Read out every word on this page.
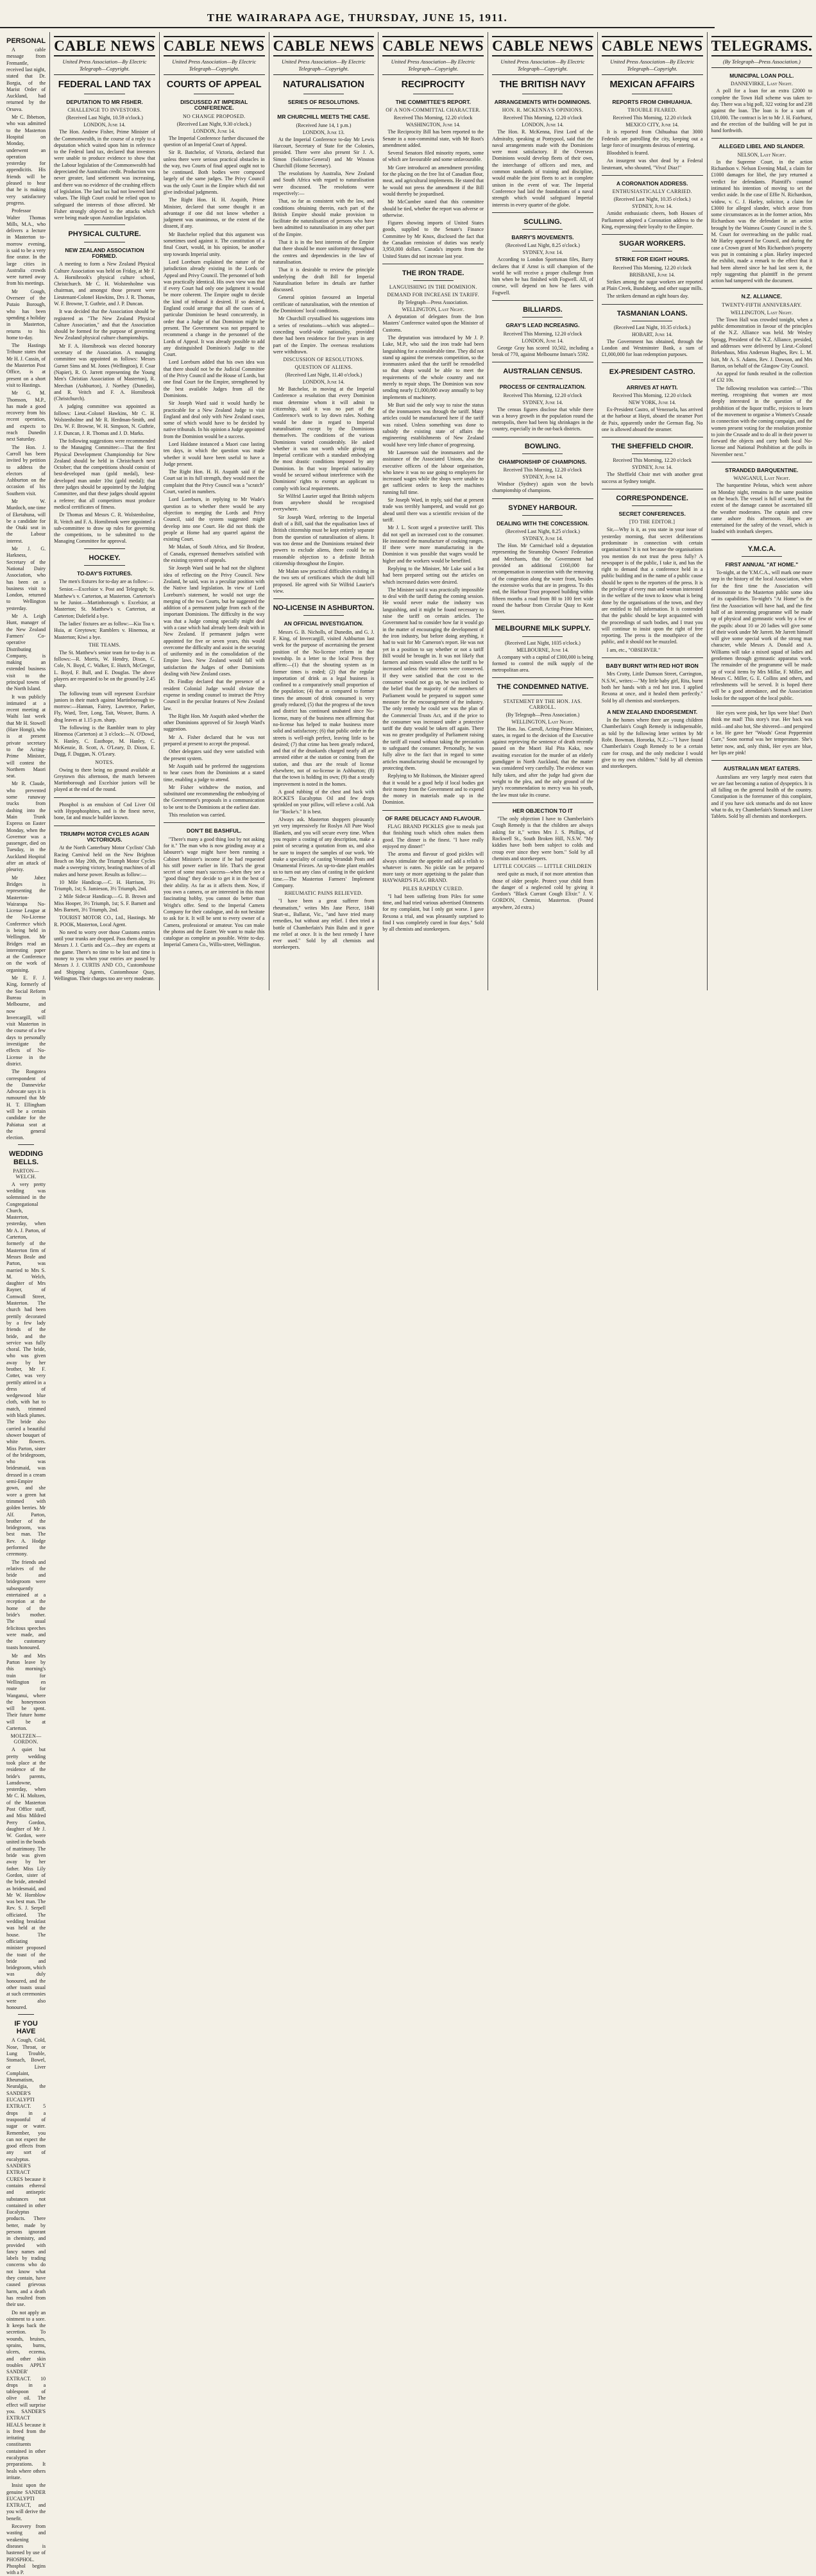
THE WAIRARAPA AGE, THURSDAY, JUNE 15, 1911.
PERSONAL

A cable message from Fremantle, received last night, stated that Dr. Borgia, of the Marist Order of Auckland, had returned by the Orsova.

Mr C. Ibbetson, who was admitted to the Masterton Hospital on Monday, underwent an operation yesterday for appendicitis. His friends will be pleased to hear that he is making very satisfactory progress.

Professor Walter Thomas Mills, M.A., who delivers a lecture in Masterton to-morrow evening, is said to be a very fine orator. In the large cities in Australia crowds were turned away from his meetings.

Mr Gough, Overseer of the Putaio Borough, who has been spending a holiday in Masterton, returns to his home to-day.

The Hastings Tribune states that Mr H. J. Cassin, of the Masterton Post Office, is at present on a short visit to Hastings.

Mr G. M. Thomson, M.P., has made a good recovery from his recent operation, and expects to reach Dunedin next Saturday.

The Hon. J. Carroll has been invited by petition to address the electors of Ashburton on the occasion of his Southern visit.

Mr W. Murdoch, one time of Eketahuna, will be a candidate for the Otaki seat in the Labour interest.

Mr J. G. Harkness, Secretary of the National Dairy Association, who has been on a business visit to London, returned to Wellington yesterday.

Mr A. Leigh Hunt, manager of the New Zealand Farmers' Co-operative Distributing Company, is making an extended business visit to the principal towns of the North Island.

It was publicly intimated at a recent meeting at Waihi last week that Mr H. Stowell (Hare Hongi), who is at present private secretary to the Acting-Prime Minister, will contest the Northern Maori seat.

Mr R. Claude, who prevented some runaway trucks from dashing into the Main Trunk Express on Easter Monday, when the Governor was a passenger, died on Tuesday, in the Auckland Hospital after an attack of pleurisy.

Mr Jabez Bridges is representing the Masterton-Wairarapa No-License League at the No-License Conference which is being held in Wellington. Mr Bridges read an interesting paper at the Conference on the work of organising.

Mr E. F. J. King, formerly of the Social Reform Bureau in Melbourne, and now of Invercargill, will visit Masterton in the course of a few days to personally investigate the effects of No-License in the district.

The Rongotea correspondent of the Dannevirke Advocate says it is rumoured that Mr H. T. Ellingham will be a certain candidate for the Pahiatua seat at the general election.

WEDDING BELLS.
PARTON—WELCH.

A very pretty wedding was solemnised in the Congregational Church, Masterton, yesterday, when Mr A. J. Parton, of Carterton, formerly of the Masterton firm of Messrs Beale and Parton, was married to Mrs S. M. Welch, daughter of Mrs Rayner, of Cornwall Street, Masterton. The church had been prettily decorated by a few lady friends of the bride, and the service was fully choral. The bride, who was given away by her brother, Mr F. Cotter, was very prettily attired in a dress of wedgewood blue cloth, with hat to match, trimmed with black plumes. The bride also carried a beautiful shower bouquet of white flowers. Miss Parton, sister of the bridegroom, who was bridesmaid, was dressed in a cream semi-Empire gown, and she wore a green hat trimmed with golden berries. Mr Alf. Parton, brother of the bridegroom, was best man. The Rev. A. Hodge performed the ceremony.

The friends and relatives of the bride and bridegroom were subsequently entertained at a reception at the home of the bride's mother. The usual felicitous speeches were made, and the customary toasts honoured.

Mr and Mrs Parton leave by this morning's train for Wellington en route for Wanganui, where the honeymoon will be spent. Their future home will be at Carterton.

MOLTZEN—GORDON.

A quiet but pretty wedding took place at the residence of the bride's parents, Lansdowne, yesterday, when Mr C. H. Moltzen, of the Masterton Post Office staff, and Miss Mildred Perry Gordon, daughter of Mr J. W. Gordon, were united in the bonds of matrimony. The bride was given away by her father. Miss Lily Gordon, sister of the bride, attended as bridesmaid, and Mr W. Hornblow was best man. The Rev. S. J. Serpell officiated. The wedding breakfast was held at the house. The officiating minister proposed the toast of the bride and bridegroom, which was duly honoured, and the other toasts usual at such ceremonies were also honoured.

IF YOU HAVE

A Cough, Cold, Nose, Throat, or Lung Trouble, Stomach, Bowel, or Liver Complaint, Rheumatism, Neuralgia, the SANDER'S EUCALYPTI EXTRACT. 5 drops in a teaspoonful of sugar or water. Remember, you can not expect the good effects from any sort of eucalyptus. SANDER'S EXTRACT CURES because it contains ethereal and antiseptic substances not contained in other Eucalyptus products. There better, made by persons ignorant in chemistry, and provided with fancy names and labels by trading concerns who do not know what they contain, have caused grievous harm, and a death has resulted from their use.

Do not apply an ointment to a sore. It keeps back the secretion. To wounds, bruises, sprains, burns, ulcers, eczema, and other skin troubles APPLY SANDER' EXTRACT. 10 drops in a tablespoon of olive oil. The effect will surprise you. SANDER'S EXTRACT HEALS because it is freed from the irritating constituents contained in other eucalyptus preparations. It heals where others irritate.

Insist upon the genuine SANDER EUCALYPTI EXTRACT, and you will derive the benefit.

Recovery from wasting and weakening diseases is hastened by use of PHOSPHOL. Phosphol begins with a P.

CABLE NEWS
United Press Association—By Electric Telegraph—Copyright.
FEDERAL LAND TAX
DEPUTATION TO MR FISHER.
CHALLENGE TO INVESTORS.
(Received Last Night, 10.59 o'clock.)
LONDON, June 14.

The Hon. Andrew Fisher, Prime Minister of the Commonwealth, in the course of a reply to a deputation which waited upon him in reference to the Federal land tax, declared that investors were unable to produce evidence to show that the Labour legislation of the Commonwealth had depreciated the Australian credit. Production was never greater, land settlement was increasing, and there was no evidence of the crushing effects of legislation. The land tax had not lowered land values. The High Court could be relied upon to safeguard the interests of those affected. Mr Fisher strongly objected to the attacks which were being made upon Australian legislation.

PHYSICAL CULTURE.
NEW ZEALAND ASSOCIATION FORMED.

A meeting to form a New Zealand Physical Culture Association was held on Friday, at Mr F. A. Hornibrook's physical culture school, Christchurch. Mr C. H. Wolstenholme was chairman, and amongst those present were Lieutenant-Colonel Hawkins, Drs J. R. Thomas, W. F. Browne, T. Guthrie, and J. P. Duncan.

It was decided that the Association should be registered as "The New Zealand Physical Culture Association," and that the Association should be formed for the purpose of governing New Zealand physical culture championships.

Mr F. A. Hornibrook was elected honorary secretary of the Association. A managing committee was appointed as follows: Messrs Gurnet Sims and M. Jones (Wellington), F. Coar (Napier), R. O. Jarrett representing the Young Men's Christian Association of Masterton), R. Meechan (Ashburton), J. Northey (Dunedin), and R. Veitch and F. A. Hornibrook (Christchurch).

A judging committee was appointed as follows: Lieut.-Colonel Hawkins, Mr C. H. Wolstenholme and Mr R. Herdman-Smith, and Drs. W. F. Browne, W. H. Simpson, N. Guthrie, J. F. Duncan, J. R. Thomas and J. D. Marks.

The following suggestions were recommended to the Managing Committee:—That the first Physical Development Championship for New Zealand should be held in Christchurch next October; that the competitions should consist of best-developed man (gold medal), best-developed man under 10st (gold medal); that three judges should be appointed by the Judging Committee, and that these judges should appoint a referee; that all competitors must produce medical certificates of fitness.

Dr Thomas and Messrs C. R. Wolstenholme, R. Veitch and F. A. Hornibrook were appointed a sub-committee to draw up rules for governing the competitions, to be submitted to the Managing Committee for approval.

HOCKEY.
TO-DAY'S FIXTURES.

The men's fixtures for to-day are as follow:—

Senior.—Excelsior v. Post and Telegraph; St. Matthew's v. Carterton, at Masterton. Carterton's to be Junior.—Martinborough v. Excelsior, at Masterton; St. Matthew's v. Carterton, at Carterton; Dalefield a bye.

The ladies' fixtures are as follow:—Kia Toa v. Huia, at Greytown; Ramblers v. Hinemoa, at Masterton; Kiwi a bye.

THE TEAMS.

The St. Matthew's senior team for to-day is as follows:—R. Morris, W. Hendry, Dixon, C. Cole, N. Boyd, C. Walker, E. Hutch, McGregor, L. Boyd, F. Bull, and E. Douglas. The above players are requested to be on the ground by 2.45 sharp.

The following team will represent Excelsior juniors in their match against Martinborough to-morrow:—Hannan, Fairey, Lawrence, Parker, Fly, Ward, Teer, Long, Tait, Weaver, Burns. A drag leaves at 1.15 p.m. sharp.

The following is the Rambler team to play Hinemoa (Carterton) at 3 o'clock:—N. O'Dowd, N. Hanley, C. Easthope, M. Hanley, C. McKenzie, B. Scott, A. O'Leary, D. Dixon, E. Dugg, F. Duggan, N. O'Leary.

NOTES.

Owing to there being no ground available at Greytown this afternoon, the match between Martinborough and Excelsior juniors will be played at the end of the round.

Phosphol is an emulsion of Cod Liver Oil with Hypophosphites, and is the finest nerve, bone, fat and muscle builder known.

TRIUMPH MOTOR CYCLES AGAIN VICTORIOUS.

At the North Canterbury Motor Cyclists' Club Racing Carnival held on the New Brighton Beach on May 20th, the Triumph Motor Cycles made a sweeping victory, beating machines of all makes and horse power. Results as follow:—

10 Mile Handicap.—C. H. Harrison, 3½ Triumph, 1st; S. Jamieson, 3½ Triumph, 2nd.

2 Mile Sidecar Handicap.—G. B. Brown and Miss Hooper, 3½ Triumph, 1st; S. F. Barnett and Mrs Barnett, 3½ Triumph, 2nd.

TOURIST MOTOR CO., Ltd., Hastings. Mr R. POOK, Masterton, Local Agent.

No need to worry over those Customs entries until your trunks are dropped. Pass them along to Messrs J. J. Curtis and Co.—they are experts at the game. There's no time to be lost and time is money to you when your entries are passed by Messrs J. J. CURTIS AND CO., Customhouse and Shipping Agents, Customhouse Quay, Wellington. Their charges too are very moderate.

CABLE NEWS
United Press Association—By Electric Telegraph—Copyright.
COURTS OF APPEAL
DISCUSSED AT IMPERIAL CONFERENCE.
NO CHANGE PROPOSED.
(Received Last Night, 9.30 o'clock.)
LONDON, June 14.

The Imperial Conference further discussed the question of an Imperial Court of Appeal.

Sir R. Batchelor, of Victoria, declared that unless there were serious practical obstacles in the way, two Courts of final appeal ought not to be continued. Both bodies were composed largely of the same judges. The Privy Council was the only Court in the Empire which did not give individual judgments.

The Right Hon. H. H. Asquith, Prime Minister, declared that some thought it an advantage if one did not know whether a judgment was unanimous, or the extent of the dissent, if any.

Mr Batchelor replied that this argument was sometimes used against it. The constitution of a final Court, would, in his opinion, be another step towards Imperial unity.

Lord Loreburn explained the nature of the jurisdiction already existing in the Lords of Appeal and Privy Council. The personnel of both was practically identical. His own view was that if every Court had only one judgment it would be more coherent. The Empire ought to decide the kind of tribunal it desired. If so desired, England could arrange that all the cases of a particular Dominion be heard concurrently, in order that a Judge of that Dominion might be present. The Government was not prepared to recommend a change in the personnel of the Lords of Appeal. It was already possible to add any distinguished Dominion's Judge to the Court.

Lord Loreburn added that his own idea was that there should not be the Judicial Committee of the Privy Council and the House of Lords, but one final Court for the Empire, strengthened by the best available Judges from all the Dominions.

Sir Joseph Ward said it would hardly be practicable for a New Zealand Judge to visit England and deal only with New Zealand cases, some of which would have to be decided by native tribunals. In his opinion a Judge appointed from the Dominion would be a success.

Lord Haldane instanced a Maori case lasting ten days, in which the question was made whether it would have been useful to have a Judge present.

The Right Hon. H. H. Asquith said if the Court sat in its full strength, they would meet the complaint that the Privy Council was a "scratch" Court, varied in numbers.

Lord Loreburn, in replying to Mr Wade's question as to whether there would be any objection to merging the Lords and Privy Council, said the system suggested might develop into one Court. He did not think the people at Home had any quarrel against the existing Court.

Mr Malan, of South Africa, and Sir Brodeur, of Canada, expressed themselves satisfied with the existing system of appeals.

Sir Joseph Ward said he had not the slightest idea of reflecting on the Privy Council. New Zealand, he said, was in a peculiar position with the Native land legislation. In view of Lord Loreburn's statement, he would not urge the merging of the two Courts, but he suggested the addition of a permanent judge from each of the important Dominions. The difficulty in the way was that a Judge coming specially might deal with a case which had already been dealt with in New Zealand. If permanent judges were appointed for five or seven years, this would overcome the difficulty and assist in the securing of uniformity and in the consolidation of the Empire laws. New Zealand would fall with satisfaction the Judges of other Dominions dealing with New Zealand cases.

Dr. Findlay declared that the presence of a resident Colonial Judge would obviate the expense in sending counsel to instruct the Privy Council in the peculiar features of New Zealand law.

The Right Hon. Mr Asquith asked whether the other Dominions approved of Sir Joseph Ward's suggestion.

Mr A. Fisher declared that he was not prepared at present to accept the proposal.

Other delegates said they were satisfied with the present system.

Mr Asquith said he preferred the suggestions to hear cases from the Dominions at a stated time, enabling a judge to attend.

Mr Fisher withdrew the motion, and substituted one recommending the embodying of the Government's proposals in a communication to be sent to the Dominions at the earliest date.

This resolution was carried.

DON'T BE BASHFUL.

"There's many a good thing lost by not asking for it." The man who is now grinding away at a labourer's wage might have been running a Cabinet Minister's income if he had requested his stiff power earlier in life. That's the great secret of some man's success—when they see a "good thing" they decide to get it in the best of their ability. As far as it affects them. Now, if you own a camera, or are interested in this most fascinating hobby, you cannot do better than Wright's offer. Send to the Imperial Camera Company for their catalogue, and do not hesitate to ask for it. It will be sent to every owner of a Camera, professional or amateur. You can make the photos and the Easter. We want to make this catalogue as complete as possible. Write to-day. Imperial Camera Co., Willis-street, Wellington.

CABLE NEWS
United Press Association—By Electric Telegraph—Copyright.
NATURALISATION
SERIES OF RESOLUTIONS.
MR CHURCHILL MEETS THE CASE.
(Received June 14, 1 p.m.)
LONDON, June 13.

At the Imperial Conference to-day Mr Lewis Harcourt, Secretary of State for the Colonies, presided. There were also present Sir J. A. Simon (Solicitor-General) and Mr Winston Churchill (Home Secretary).

The resolutions by Australia, New Zealand and South Africa with regard to naturalisation were discussed. The resolutions were respectively:—

That, so far as consistent with the law, and conditions obtaining therein, each part of the British Empire should make provision to facilitate the naturalisation of persons who have been admitted to naturalisation in any other part of the Empire.

That it is in the best interests of the Empire that there should be more uniformity throughout the centres and dependencies in the law of naturalisation.

That it is desirable to review the principle underlying the draft Bill for Imperial Naturalisation before its details are further discussed.

General opinion favoured an Imperial certificate of naturalisation, with the retention of the Dominions' local conditions.

Mr Churchill crystallised his suggestions into a series of resolutions—which was adopted—conceding world-wide nationality, provided there had been residence for five years in any part of the Empire. The overseas resolutions were withdrawn.

DISCUSSION OF RESOLUTIONS.
QUESTION OF ALIENS.
(Received Last Night, 11.40 o'clock.)
LONDON, June 14.

Mr Batchelor, in moving at the Imperial Conference a resolution that every Dominion must determine whom it will admit to citizenship, said it was no part of the Conference's work to lay down rules. Nothing would be done in regard to Imperial naturalisation except by the Dominions themselves. The conditions of the various Dominions varied considerably. He asked whether it was not worth while giving an Imperial certificate with a standard embodying the most drastic conditions imposed by any Dominion. In that way Imperial nationality would be secured without interference with the Dominions' rights to exempt an applicant to comply with local requirements.

Sir Wilfrid Laurier urged that British subjects from anywhere should be recognised everywhere.

Sir Joseph Ward, referring to the Imperial draft of a Bill, said that the equalisation laws of British citizenship must be kept entirely separate from the question of naturalisation of aliens. It was too dense and the Dominions retained their powers to exclude aliens, there could be no reasonable objection to a definite British citizenship throughout the Empire.

Mr Malan saw practical difficulties existing in the two sets of certificates which the draft bill proposed. He agreed with Sir Wilfrid Laurier's view.

NO-LICENSE IN ASHBURTON.
AN OFFICIAL INVESTIGATION.

Messrs G. B. Nicholls, of Dunedin, and G. J. F. King, of Invercargill, visited Ashburton last week for the purpose of ascertaining the present position of the No-license reform in that township. In a letter to the local Press they affirm:—(1) that the shouting system as in former times is ended; (2) that the regular importation of drink as a legal business is confined to a comparatively small proportion of the population; (4) that as compared to former times the amount of drink consumed is very greatly reduced; (5) that the progress of the town and district has continued unabated since No-license, many of the business men affirming that no-license has helped to make business more solid and satisfactory; (6) that public order in the streets is well-nigh perfect, leaving little to be desired; (7) that crime has been greatly reduced, and that of the drunkards charged nearly all are arrested either at the station or coming from the station, and thus are the result of license elsewhere, not of no-license in Ashburton; (8) that the town is holding its own; (9) that a steady improvement is noted in the homes.

A good rubbing of the chest and back with ROCKE'S Eucalyptus Oil and few drops sprinkled on your pillow, will relieve a cold. Ask for "Rocke's." It is best.

Always ask. Masterton shoppers pleasantly yet very impressively for Roslyn All Pure Wool Blankets, and you will secure every time. When you require a costing of any description, make a point of securing a quotation from us, and also be sure to inspect the samples of our work. We make a speciality of casting Verandah Posts and Ornamental Friezes. An up-to-date plant enables us to turn out any class of casting in the quickest time.—The Masterton Farmers' Implement Company.

RHEUMATIC PAINS RELIEVED.

"I have been a great sufferer from rheumatism," writes Mrs Jane Pierce, 1840 Sturt-st., Ballarat, Vic., "and have tried many remedies, but without any relief. I then tried a bottle of Chamberlain's Pain Balm and it gave me relief at once. It is the best remedy I have ever used." Sold by all chemists and storekeepers.

CABLE NEWS
United Press Association—By Electric Telegraph—Copyright.
RECIPROCITY
THE COMMITTEE'S REPORT.
OF A NON-COMMITTAL CHARACTER.
Received This Morning, 12.20 o'clock
WASHINGTON, June 14.

The Reciprocity Bill has been reported to the Senate in a non-committal state, with Mr Root's amendment added.

Several Senators filed minority reports, some of which are favourable and some unfavourable.

Mr Gore introduced an amendment providing for the placing on the free list of Canadian flour, meat, and agricultural implements. He stated that he would not press the amendment if the Bill would thereby be jeopardised.

Mr McCumber stated that this committee should be tied, whether the report was adverse or otherwise.

Figures showing imports of United States goods, supplied to the Senate's Finance Committee by Mr Knox, disclosed the fact that the Canadian remission of duties was nearly 3,950,000 dollars. Canada's imports from the United States did not increase last year.

THE IRON TRADE.
LANGUISHING IN THE DOMINION.
DEMAND FOR INCREASE IN TARIFF.
By Telegraph—Press Association.
WELLINGTON, Last Night.

A deputation of delegates from the Iron Masters' Conference waited upon the Minister of Customs.

The deputation was introduced by Mr J. P. Luke, M.P., who said the iron trade had been languishing for a considerable time. They did not stand up against the overseas competition, so the ironmasters asked that the tariff be remodelled so that shops would be able to meet the requirements of the whole country and not merely to repair shops. The Dominion was now sending nearly £1,000,000 away annually to buy implements of machinery.

Mr Burt said the only way to raise the status of the ironmasters was through the tariff. Many articles could be manufactured here if the tariff was raised. Unless something was done to subsidy the existing state of affairs the engineering establishments of New Zealand would have very little chance of progressing.

Mr Laurenson said the ironmasters and the assistance of the Associated Unions, also the executive officers of the labour organisation, who knew it was no use going to employers for increased wages while the shops were unable to get sufficient orders to keep the machines running full time.

Sir Joseph Ward, in reply, said that at present trade was terribly hampered, and would not go ahead until there was a scientific revision of the tariff.

Mr J. L. Scott urged a protective tariff. This did not spell an increased cost to the consumer. He instanced the manufacture of cooking ranges. If there were more manufacturing in the Dominion it was possible that wages would be higher and the workers would be benefited.

Replying to the Minister, Mr Luke said a list had been prepared setting out the articles on which increased duties were desired.

The Minister said it was practically impossible to deal with the tariff during the coming session. He would never make the industry was languishing, and it might be found necessary to raise the tariff on certain articles. The Government had to consider how far it would go in the matter of encouraging the development of the iron industry, but before doing anything, it had to wait for Mr Cameron's report. He was not yet in a position to say whether or not a tariff Bill would be brought in. It was not likely that farmers and miners would allow the tariff to be increased unless their interests were conserved. If they were satisfied that the cost to the consumer would not go up, he was inclined to the belief that the majority of the members of Parliament would be prepared to support some measure for the encouragement of the industry. The only remedy he could see was the plan of the Commercial Trusts Act, and if the price to the consumer was increased under a protective tariff the duty would be taken off again. There was no greater prodigality of Parliament raising the tariff all round without taking the precaution to safeguard the consumer. Personally, he was fully alive to the fact that in regard to some articles manufacturing should be encouraged by protecting them.

Replying to Mr Robinson, the Minister agreed that it would be a good help if local bodies got their money from the Government and to expend the money in materials made up in the Dominion.

OF RARE DELICACY AND FLAVOUR.

FLAG BRAND PICKLES give to meals just that finishing touch which often makes them good. The dinner is the finest. "I have really enjoyed my dinner!"

The aroma and flavour of good pickles will always stimulate the appetite and add a relish to whatever is eaten. No pickle can be prepared more tasty or more appetising to the palate than HAYWARD'S FLAG BRAND.

PILES RAPIDLY CURED.

"I had been suffering from Piles for some time, and had tried various advertised Ointments for my complaint, but I only got worse. I gave Rexona a trial, and was pleasantly surprised to find I was completely cured in four days." Sold by all chemists and storekeepers.

CABLE NEWS
United Press Association—By Electric Telegraph—Copyright.
THE BRITISH NAVY
ARRANGEMENTS WITH DOMINIONS.
HON. R. MCKENNA'S OPINIONS.
Received This Morning, 12.20 o'clock
LONDON, June 14.

The Hon. R. McKenna, First Lord of the Admiralty, speaking at Pontypool, said that the naval arrangements made with the Dominions were most satisfactory. If the Overseas Dominions would develop fleets of their own, the interchange of officers and men, and common standards of training and discipline, would enable the joint fleets to act in complete unison in the event of war. The Imperial Conference had laid the foundations of a naval strength which would safeguard Imperial interests in every quarter of the globe.

SCULLING.
BARRY'S MOVEMENTS.
(Received Last Night, 8.25 o'clock.)
SYDNEY, June 14.

According to London Sportsman files, Barry declares that if Arnst is still champion of the world he will receive a proper challenge from him when he has finished with Fogwell. All, of course, will depend on how he fares with Fogwell.

BILLIARDS.
GRAY'S LEAD INCREASING.
Received This Morning, 12.20 o'clock
LONDON, June 14.

George Gray has scored 10,502, including a break of 770, against Melbourne Inman's 5592.

AUSTRALIAN CENSUS.
PROCESS OF CENTRALIZATION.
Received This Morning, 12.20 o'clock
SYDNEY, June 14.

The census figures disclose that while there was a heavy growth in the population round the metropolis, there had been big shrinkages in the country, especially in the out-back districts.

BOWLING.
CHAMPIONSHIP OF CHAMPIONS.
Received This Morning, 12.20 o'clock
SYDNEY, June 14.

Windsor (Sydney) again won the bowls championship of champions.

SYDNEY HARBOUR.
DEALING WITH THE CONCESSION.
(Received Last Night, 8.25 o'clock.)
SYDNEY, June 14.

The Hon. Mr Carmichael told a deputation representing the Steamship Owners' Federation and Merchants, that the Government had provided an additional £160,000 for recompensation in connection with the removing of the congestion along the water front, besides the extensive works that are in progress. To this end, the Harbour Trust proposed building within fifteen months a road from 80 to 100 feet wide round the harbour from Circular Quay to Kent Street.

MELBOURNE MILK SUPPLY.
(Received Last Night, 1035 o'clock.)
MELBOURNE, June 14.

A company with a capital of £300,000 is being formed to control the milk supply of the metropolitan area.

THE CONDEMNED NATIVE.
STATEMENT BY THE HON. JAS. CARROLL.
(By Telegraph—Press Association.)
WELLINGTON, Last Night.

The Hon. Jas. Carroll, Acting-Prime Minister, states, in regard to the decision of the Executive against reprieving the sentence of death recently passed on the Maori Hal Pita Kaka, now awaiting execution for the murder of an elderly gumdigger in North Auckland, that the matter was considered very carefully. The evidence was fully taken, and after the judge had given due weight to the plea, and the only ground of the jury's recommendation to mercy was his youth, the law must take its course.

HER OBJECTION TO IT

"The only objection I have to Chamberlain's Cough Remedy is that the children are always asking for it," writes Mrs J. S. Phillips, of Rockwell St., South Broken Hill, N.S.W. "My kiddies have both been subject to colds and croup ever since they were born." Sold by all chemists and storekeepers.

LITTLE COUGHS — LITTLE CHILDREN

need quite as much, if not more attention than those of older people. Protect your child from the danger of a neglected cold by giving it Gordon's "Black Currant Cough Elixir." J. V. GORDON, Chemist, Masterton. (Posted anywhere, 2d extra.)

CABLE NEWS
United Press Association—By Electric Telegraph—Copyright.
MEXICAN AFFAIRS
REPORTS FROM CHIHUAHUA.
TROUBLE FEARED.
Received This Morning, 12.20 o'clock
MEXICO CITY, June 14.

It is reported from Chihuahua that 3000 Federals are patrolling the city, keeping out a large force of insurgents desirous of entering.

Bloodshed is feared.

An insurgent was shot dead by a Federal lieutenant, who shouted, "Viva! Diaz!"

A CORONATION ADDRESS.
ENTHUSIASTICALLY CARRIED.
(Received Last Night, 10.35 o'clock.)
SYDNEY, June 14.

Amidst enthusiastic cheers, both Houses of Parliament adopted a Coronation address to the King, expressing their loyalty to the Empire.

SUGAR WORKERS.
STRIKE FOR EIGHT HOURS.
Received This Morning, 12.20 o'clock
BRISBANE, June 14.

Strikes among the sugar workers are reported at Plain Creek, Bundaberg, and other sugar mills.

The strikers demand an eight hours day.

TASMANIAN LOANS.
(Received Last Night, 10.35 o'clock.)
HOBART, June 14.

The Government has obtained, through the London and Westminster Bank, a sum of £1,000,000 for loan redemption purposes.

EX-PRESIDENT CASTRO.
ARRIVES AT HAYTI.
Received This Morning, 12.20 o'clock
NEW YORK, June 14.

Ex-President Castro, of Venezuela, has arrived at the harbour at Hayti, aboard the steamer Port de Paix, apparently under the German flag. No one is allowed aboard the steamer.

THE SHEFFIELD CHOIR.
Received This Morning, 12.20 o'clock
SYDNEY, June 14.

The Sheffield Choir met with another great success at Sydney tonight.

CORRESPONDENCE.
SECRET CONFERENCES.
[TO THE EDITOR.]

Sir,—Why is it, as you state in your issue of yesterday morning, that secret deliberations predominate in connection with certain organisations? It is not because the organisations you mention do not trust the press fully? A newspaper is of the public, I take it, and has the right to demand that a conference held in a public building and in the name of a public cause should be open to the reporters of the press. It is the privilege of every man and woman interested in the welfare of the town to know what is being done by the organisations of the town, and they are entitled to full information. It is contended that the public should be kept acquainted with the proceedings of such bodies, and I trust you will continue to insist upon the right of free reporting. The press is the mouthpiece of the public, and it should not be muzzled.

I am, etc., "OBSERVER."

BABY BURNT WITH RED HOT IRON

Mrs Crotty, Little Dumson Street, Carrington, N.S.W., writes:—"My little baby girl, Rita, burnt both her hands with a red hot iron. I applied Rexona at once, and it healed them perfectly." Sold by all chemists and storekeepers.

A NEW ZEALAND ENDORSEMENT.

In the homes where there are young children Chamberlain's Cough Remedy is indispensable, as told by the following letter written by Mr Robt. Bowman, Horoeka, N.Z.:—"I have found Chamberlain's Cough Remedy to be a certain cure for croup, and the only medicine I would give to my own children." Sold by all chemists and storekeepers.

TELEGRAMS.
(By Telegraph—Press Association.)
MUNICIPAL LOAN POLL.
DANNEVIRKE, Last Night.

A poll for a loan for an extra £2000 to complete the Town Hall scheme was taken to-day. There was a big poll, 322 voting for and 238 against the loan. The loan is for a sum of £10,000. The contract is let to Mr J. H. Fairhurst, and the erection of the building will be put in hand forthwith.

ALLEGED LIBEL AND SLANDER.
NELSON, Last Night.

In the Supreme Court, in the action Richardson v. Nelson Evening Mail, a claim for £1000 damages for libel, the jury returned a verdict for defendants. Plaintiff's counsel intimated his intention of moving to set the verdict aside. In the case of Effie N. Richardson, widow, v. C. J. Harley, solicitor, a claim for £3000 for alleged slander, which arose from some circumstances as in the former action, Mrs Richardson was the defendant in an action brought by the Waimea County Council in the S. M. Court for overreaching on the public road. Mr Harley appeared for Council, and during the case a Crown grant of Mrs Richardson's property was put in containing a plan. Harley inspected the exhibit, made a remark to the effect that it had been altered since he had last seen it, the reply suggesting that plaintiff in the present action had tampered with the document.

N.Z. ALLIANCE.
TWENTY-FIFTH ANNIVERSARY.
WELLINGTON, Last Night.

The Town Hall was crowded tonight, when a public demonstration in favour of the principles of the N.Z. Alliance was held. Mr Wesley Spragg, President of the N.Z. Alliance, presided, and addresses were delivered by Lieut.-Colonel Birkenhaus, Miss Anderson Hughes, Rev. L. M. Isitt, Mr A. S. Adams, Rev. J. Dawson, and Mrs Barton, on behalf of the Glasgow City Council.

An appeal for funds resulted in the collection of £32 10s.

The following resolution was carried:—"This meeting, recognising that women are most deeply interested in the question of the prohibition of the liquor traffic, rejoices to learn of the movement to organise a Women's Crusade in connection with the coming campaign, and the women present voting for the resolution promise to join the Crusade and to do all in their power to forward the objects and carry both local No-license and National Prohibition at the polls in November next."

STRANDED BARQUENTINE.
WANGANUI, Last Night.

The barquentine Pelotas, which went ashore on Monday night, remains in the same position on the beach. The vessel is full of water, but the extent of the damage cannot be ascertained till the weather moderates. The captain and crew came ashore this afternoon. Hopes are entertained for the safety of the vessel, which is loaded with ironbark sleepers.

Y.M.C.A.
FIRST ANNUAL "AT HOME."

To-night, at the Y.M.C.A., will mark one more step in the history of the local Association, when for the first time the Association will demonstrate to the Masterton public some idea of its capabilities. To-night's "At Home" is the first the Association will have had, and the first half of an interesting programme will be made up of physical and gymnastic work by a few of the pupils: about 10 or 20 ladies will give some of their work under Mr Jarrett. Mr Jarrett himself will give some special work of the strong man character, while Messrs A. Donald and A. Williams will take a mixed squad of ladies and gentlemen through gymnastic apparatus work. The remainder of the programme will be made up of vocal items by Mrs Millar, F. Miller, and Messrs C. Miller, G. E. Collins and others, and refreshments will be served. It is hoped there will be a good attendance, and the Association looks for the support of the local public.

Her eyes were pink, her lips were blue! Don't think me mad! This story's true. Her back was mild—and also hot, She shivered—and perspired a lot. He gave her "Woods' Great Peppermint Cure," Soon normal was her temperature. She's better now, and, only think, Her eyes are blue, her lips are pink!

AUSTRALIAN MEAT EATERS.

Australians are very largely meat eaters that we are fast becoming a nation of dyspeptics. It is all falling on the general health of the country. Constipation is the forerunner of this complaint, and if you have sick stomachs and do not know what to do, try Chamberlain's Stomach and Liver Tablets. Sold by all chemists and storekeepers.
